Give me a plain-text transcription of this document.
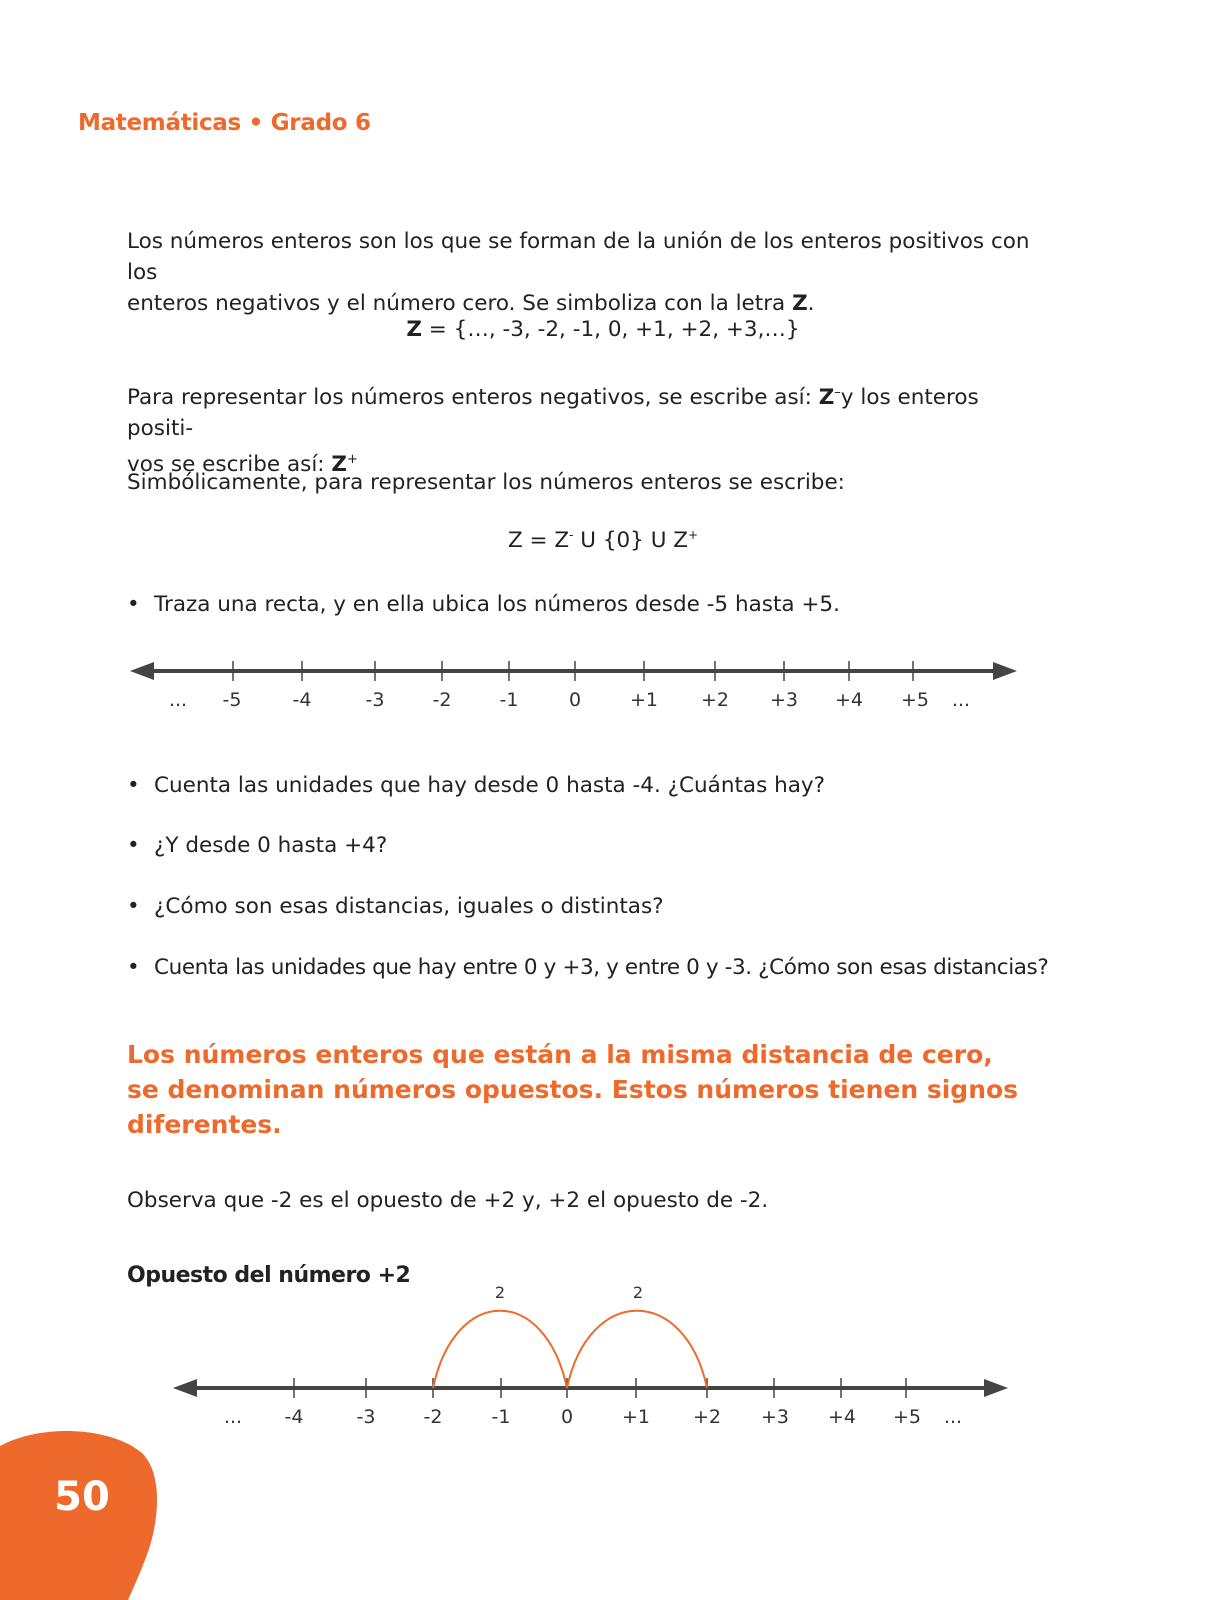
Matemáticas • Grado 6
Los números enteros son los que se forman de la unión de los enteros positivos con los
enteros negativos y el número cero. Se simboliza con la letra Z.
Z = {…, -3, -2, -1, 0, +1, +2, +3,…}
Para representar los números enteros negativos, se escribe así: Z–y los enteros positi-
vos se escribe así: Z+
Simbólicamente, para representar los números enteros se escribe:
Z = Z- U {0} U Z+
• Traza una recta, y en ella ubica los números desde -5 hasta +5.
... -5	-4	-3	-2	-1	0	+1 +2 +3 +4 +5 ...
• Cuenta las unidades que hay desde 0 hasta -4. ¿Cuántas hay?
• ¿Y desde 0 hasta +4?
• ¿Cómo son esas distancias, iguales o distintas?
• Cuenta las unidades que hay entre 0 y +3, y entre 0 y -3. ¿Cómo son esas distancias?
Los números enteros que están a la misma distancia de cero,
se denominan números opuestos. Estos números tienen signos
diferentes.
Observa que -2 es el opuesto de +2 y, +2 el opuesto de -2.
Opuesto del número +2
2	2
... -4	-3	-2	-1	0	+1 +2 +3 +4 +5 ...
50
